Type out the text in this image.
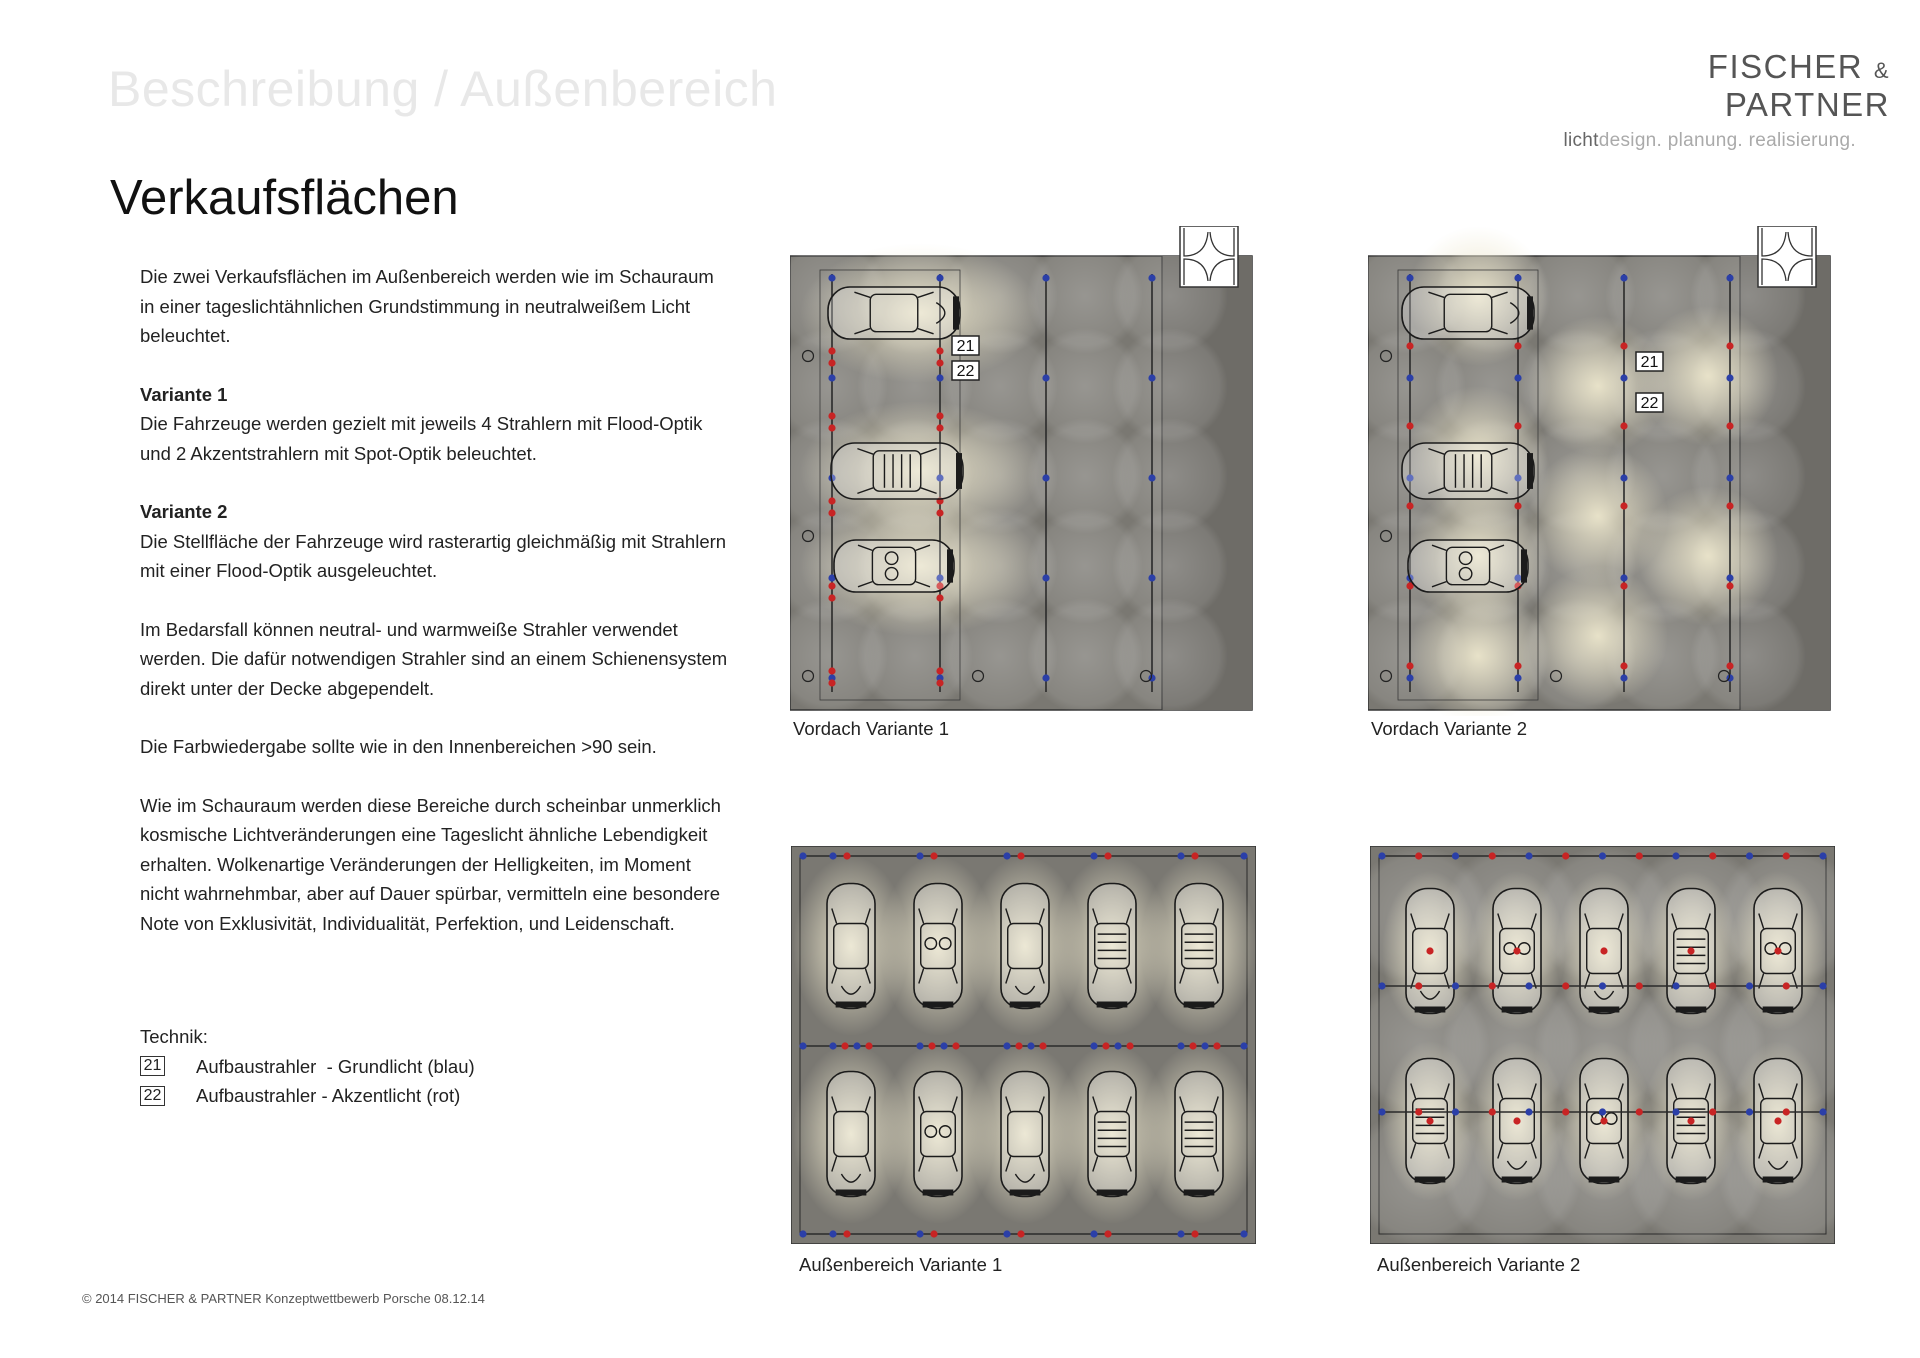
Beschreibung / Außenbereich	FISCHER & PARTNER
lichtdesign. planung. realisierung.
Verkaufsflächen

Die zwei Verkaufsflächen im Außenbereich werden wie im Schauraum in einer tageslichtähnlichen Grundstimmung in neutralweißem Licht beleuchtet.

Variante 1
Die Fahrzeuge werden gezielt mit jeweils 4 Strahlern mit Flood-Optik und 2 Akzentstrahlern mit Spot-Optik beleuchtet.

Variante 2
Die Stellfläche der Fahrzeuge wird rasterartig gleichmäßig mit Strahlern mit einer Flood-Optik ausgeleuchtet.

Im Bedarsfall können neutral- und warmweiße Strahler verwendet werden. Die dafür notwendigen Strahler sind an einem Schienensystem direkt unter der Decke abgependelt.

Die Farbwiedergabe sollte wie in den Innenbereichen >90 sein.

Wie im Schauraum werden diese Bereiche durch scheinbar unmerklich kosmische Lichtveränderungen eine Tageslicht ähnliche Lebendigkeit erhalten. Wolkenartige Veränderungen der Helligkeiten, im Moment nicht wahrnehmbar, aber auf Dauer spürbar, vermitteln eine besondere Note von Exklusivität, Individualität, Perfektion, und Leidenschaft.

Technik:
21 Aufbaustrahler  - Grundlicht (blau)
22 Aufbaustrahler - Akzentlicht (rot)
21
22
Vordach Variante 1
21
22
Vordach Variante 2
Außenbereich Variante 1	Außenbereich Variante 2
© 2014 FISCHER & PARTNER Konzeptwettbewerb Porsche 08.12.14
